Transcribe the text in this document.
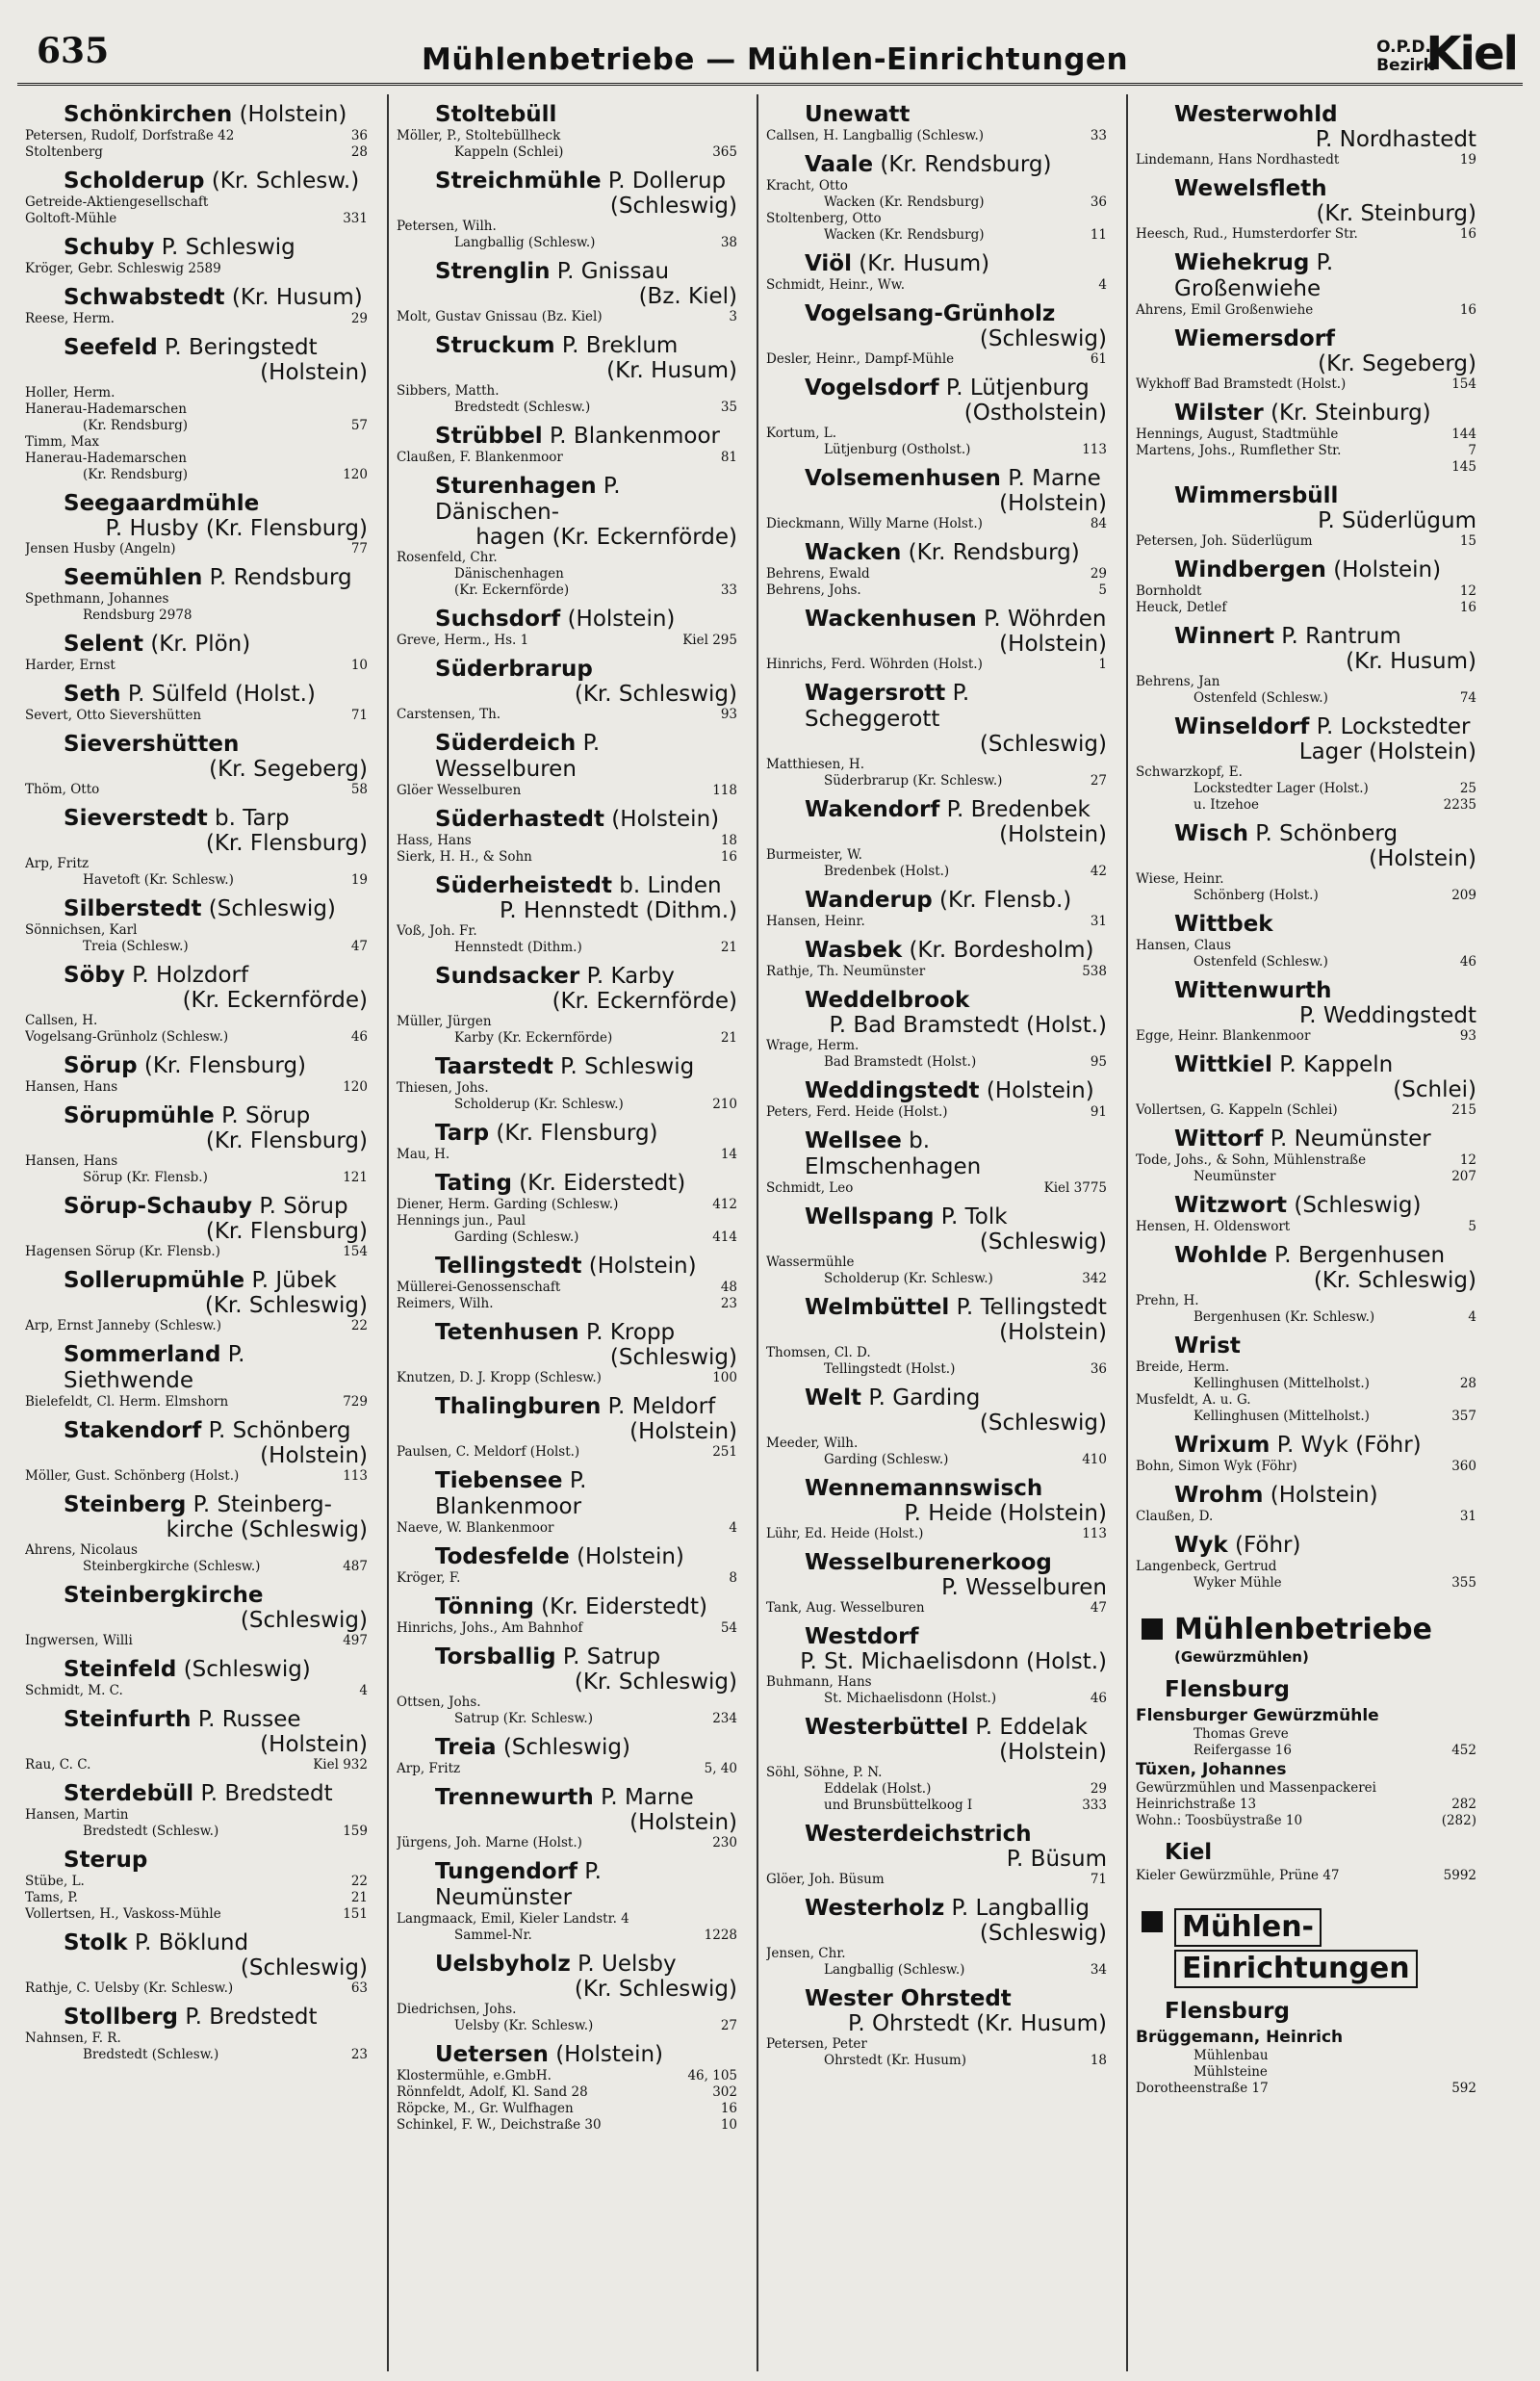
635	Mühlenbetriebe — Mühlen-Einrichtungen	O.P.D.
Bezirk
Kiel
Schönkirchen (Holstein)
Petersen, Rudolf, Dorfstraße 42	36
Stoltenberg	28
Scholderup (Kr. Schlesw.)
Getreide-Aktiengesellschaft
Goltoft-Mühle	331
Schuby P. Schleswig
Kröger, Gebr. Schleswig 2589
Schwabstedt (Kr. Husum)
Reese, Herm.	29
Seefeld P. Beringstedt
(Holstein)
Holler, Herm.
Hanerau-Hademarschen
(Kr. Rendsburg)	57
Timm, Max
Hanerau-Hademarschen
(Kr. Rendsburg)	120
Seegaardmühle
P. Husby (Kr. Flensburg)
Jensen Husby (Angeln)	77
Seemühlen P. Rendsburg
Spethmann, Johannes
Rendsburg 2978
Selent (Kr. Plön)
Harder, Ernst	10
Seth P. Sülfeld (Holst.)
Severt, Otto Sievershütten	71
Sievershütten
(Kr. Segeberg)
Thöm, Otto	58
Sieverstedt b. Tarp
(Kr. Flensburg)
Arp, Fritz
Havetoft (Kr. Schlesw.)	19
Silberstedt (Schleswig)
Sönnichsen, Karl
Treia (Schlesw.)	47
Söby P. Holzdorf
(Kr. Eckernförde)
Callsen, H.
Vogelsang-Grünholz (Schlesw.)	46
Sörup (Kr. Flensburg)
Hansen, Hans	120
Sörupmühle P. Sörup
(Kr. Flensburg)
Hansen, Hans
Sörup (Kr. Flensb.)	121
Sörup-Schauby P. Sörup
(Kr. Flensburg)
Hagensen Sörup (Kr. Flensb.)	154
Sollerupmühle P. Jübek
(Kr. Schleswig)
Arp, Ernst Janneby (Schlesw.)	22
Sommerland P. Siethwende
Bielefeldt, Cl. Herm. Elmshorn	729
Stakendorf P. Schönberg
(Holstein)
Möller, Gust. Schönberg (Holst.)	113
Steinberg P. Steinberg-
kirche (Schleswig)
Ahrens, Nicolaus
Steinbergkirche (Schlesw.)	487
Steinbergkirche
(Schleswig)
Ingwersen, Willi	497
Steinfeld (Schleswig)
Schmidt, M. C.	4
Steinfurth P. Russee
(Holstein)
Rau, C. C.	Kiel 932
Sterdebüll P. Bredstedt
Hansen, Martin
Bredstedt (Schlesw.)	159
Sterup
Stübe, L.	22
Tams, P.	21
Vollertsen, H., Vaskoss-Mühle	151
Stolk P. Böklund
(Schleswig)
Rathje, C. Uelsby (Kr. Schlesw.)	63
Stollberg P. Bredstedt
Nahnsen, F. R.
Bredstedt (Schlesw.)	23
Stoltebüll
Möller, P., Stoltebüllheck
Kappeln (Schlei)	365
Streichmühle P. Dollerup
(Schleswig)
Petersen, Wilh.
Langballig (Schlesw.)	38
Strenglin P. Gnissau
(Bz. Kiel)
Molt, Gustav Gnissau (Bz. Kiel)	3
Struckum P. Breklum
(Kr. Husum)
Sibbers, Matth.
Bredstedt (Schlesw.)	35
Strübbel P. Blankenmoor
Claußen, F. Blankenmoor	81
Sturenhagen P. Dänischen-
hagen (Kr. Eckernförde)
Rosenfeld, Chr.
Dänischenhagen
(Kr. Eckernförde)	33
Suchsdorf (Holstein)
Greve, Herm., Hs. 1	Kiel 295
Süderbrarup
(Kr. Schleswig)
Carstensen, Th.	93
Süderdeich P. Wesselburen
Glöer Wesselburen	118
Süderhastedt (Holstein)
Hass, Hans	18
Sierk, H. H., & Sohn	16
Süderheistedt b. Linden
P. Hennstedt (Dithm.)
Voß, Joh. Fr.
Hennstedt (Dithm.)	21
Sundsacker P. Karby
(Kr. Eckernförde)
Müller, Jürgen
Karby (Kr. Eckernförde)	21
Taarstedt P. Schleswig
Thiesen, Johs.
Scholderup (Kr. Schlesw.)	210
Tarp (Kr. Flensburg)
Mau, H.	14
Tating (Kr. Eiderstedt)
Diener, Herm. Garding (Schlesw.)	412
Hennings jun., Paul
Garding (Schlesw.)	414
Tellingstedt (Holstein)
Müllerei-Genossenschaft	48
Reimers, Wilh.	23
Tetenhusen P. Kropp
(Schleswig)
Knutzen, D. J. Kropp (Schlesw.)	100
Thalingburen P. Meldorf
(Holstein)
Paulsen, C. Meldorf (Holst.)	251
Tiebensee P. Blankenmoor
Naeve, W. Blankenmoor	4
Todesfelde (Holstein)
Kröger, F.	8
Tönning (Kr. Eiderstedt)
Hinrichs, Johs., Am Bahnhof	54
Torsballig P. Satrup
(Kr. Schleswig)
Ottsen, Johs.
Satrup (Kr. Schlesw.)	234
Treia (Schleswig)
Arp, Fritz	5, 40
Trennewurth P. Marne
(Holstein)
Jürgens, Joh. Marne (Holst.)	230
Tungendorf P. Neumünster
Langmaack, Emil, Kieler Landstr. 4
Sammel-Nr.	1228
Uelsbyholz P. Uelsby
(Kr. Schleswig)
Diedrichsen, Johs.
Uelsby (Kr. Schlesw.)	27
Uetersen (Holstein)
Klostermühle, e.GmbH.	46, 105
Rönnfeldt, Adolf, Kl. Sand 28	302
Röpcke, M., Gr. Wulfhagen	16
Schinkel, F. W., Deichstraße 30	10
Unewatt
Callsen, H. Langballig (Schlesw.)	33
Vaale (Kr. Rendsburg)
Kracht, Otto
Wacken (Kr. Rendsburg)	36
Stoltenberg, Otto
Wacken (Kr. Rendsburg)	11
Viöl (Kr. Husum)
Schmidt, Heinr., Ww.	4
Vogelsang-Grünholz
(Schleswig)
Desler, Heinr., Dampf-Mühle	61
Vogelsdorf P. Lütjenburg
(Ostholstein)
Kortum, L.
Lütjenburg (Ostholst.)	113
Volsemenhusen P. Marne
(Holstein)
Dieckmann, Willy Marne (Holst.)	84
Wacken (Kr. Rendsburg)
Behrens, Ewald	29
Behrens, Johs.	5
Wackenhusen P. Wöhrden
(Holstein)
Hinrichs, Ferd. Wöhrden (Holst.)	1
Wagersrott P. Scheggerott
(Schleswig)
Matthiesen, H.
Süderbrarup (Kr. Schlesw.)	27
Wakendorf P. Bredenbek
(Holstein)
Burmeister, W.
Bredenbek (Holst.)	42
Wanderup (Kr. Flensb.)
Hansen, Heinr.	31
Wasbek (Kr. Bordesholm)
Rathje, Th. Neumünster	538
Weddelbrook
P. Bad Bramstedt (Holst.)
Wrage, Herm.
Bad Bramstedt (Holst.)	95
Weddingstedt (Holstein)
Peters, Ferd. Heide (Holst.)	91
Wellsee b. Elmschenhagen
Schmidt, Leo	Kiel 3775
Wellspang P. Tolk
(Schleswig)
Wassermühle
Scholderup (Kr. Schlesw.)	342
Welmbüttel P. Tellingstedt
(Holstein)
Thomsen, Cl. D.
Tellingstedt (Holst.)	36
Welt P. Garding
(Schleswig)
Meeder, Wilh.
Garding (Schlesw.)	410
Wennemannswisch
P. Heide (Holstein)
Lühr, Ed. Heide (Holst.)	113
Wesselburenerkoog
P. Wesselburen
Tank, Aug. Wesselburen	47
Westdorf
P. St. Michaelisdonn (Holst.)
Buhmann, Hans
St. Michaelisdonn (Holst.)	46
Westerbüttel P. Eddelak
(Holstein)
Söhl, Söhne, P. N.
Eddelak (Holst.)	29
und Brunsbüttelkoog I	333
Westerdeichstrich
P. Büsum
Glöer, Joh. Büsum	71
Westerholz P. Langballig
(Schleswig)
Jensen, Chr.
Langballig (Schlesw.)	34
Wester Ohrstedt
P. Ohrstedt (Kr. Husum)
Petersen, Peter
Ohrstedt (Kr. Husum)	18
Westerwohld
P. Nordhastedt
Lindemann, Hans Nordhastedt	19
Wewelsfleth
(Kr. Steinburg)
Heesch, Rud., Humsterdorfer Str.	16
Wiehekrug P. Großenwiehe
Ahrens, Emil Großenwiehe	16
Wiemersdorf
(Kr. Segeberg)
Wykhoff Bad Bramstedt (Holst.)	154
Wilster (Kr. Steinburg)
Hennings, August, Stadtmühle	144
Martens, Johs., Rumflether Str.	7
145
Wimmersbüll
P. Süderlügum
Petersen, Joh. Süderlügum	15
Windbergen (Holstein)
Bornholdt	12
Heuck, Detlef	16
Winnert P. Rantrum
(Kr. Husum)
Behrens, Jan
Ostenfeld (Schlesw.)	74
Winseldorf P. Lockstedter
Lager (Holstein)
Schwarzkopf, E.
Lockstedter Lager (Holst.)	25
u. Itzehoe	2235
Wisch P. Schönberg
(Holstein)
Wiese, Heinr.
Schönberg (Holst.)	209
Wittbek
Hansen, Claus
Ostenfeld (Schlesw.)	46
Wittenwurth
P. Weddingstedt
Egge, Heinr. Blankenmoor	93
Wittkiel P. Kappeln
(Schlei)
Vollertsen, G. Kappeln (Schlei)	215
Wittorf P. Neumünster
Tode, Johs., & Sohn, Mühlenstraße	12
Neumünster	207
Witzwort (Schleswig)
Hensen, H. Oldenswort	5
Wohlde P. Bergenhusen
(Kr. Schleswig)
Prehn, H.
Bergenhusen (Kr. Schlesw.)	4
Wrist
Breide, Herm.
Kellinghusen (Mittelholst.)	28
Musfeldt, A. u. G.
Kellinghusen (Mittelholst.)	357
Wrixum P. Wyk (Föhr)
Bohn, Simon Wyk (Föhr)	360
Wrohm (Holstein)
Claußen, D.	31
Wyk (Föhr)
Langenbeck, Gertrud
Wyker Mühle	355
Mühlenbetriebe
(Gewürzmühlen)
Flensburg
Flensburger Gewürzmühle
Thomas Greve
Reifergasse 16	452
Tüxen, Johannes
Gewürzmühlen und Massenpackerei
Heinrichstraße 13	282
Wohn.: Toosbüystraße 10	(282)
Kiel
Kieler Gewürzmühle, Prüne 47	5992
Mühlen-
Einrichtungen
Flensburg
Brüggemann, Heinrich
Mühlenbau
Mühlsteine
Dorotheenstraße 17	592
